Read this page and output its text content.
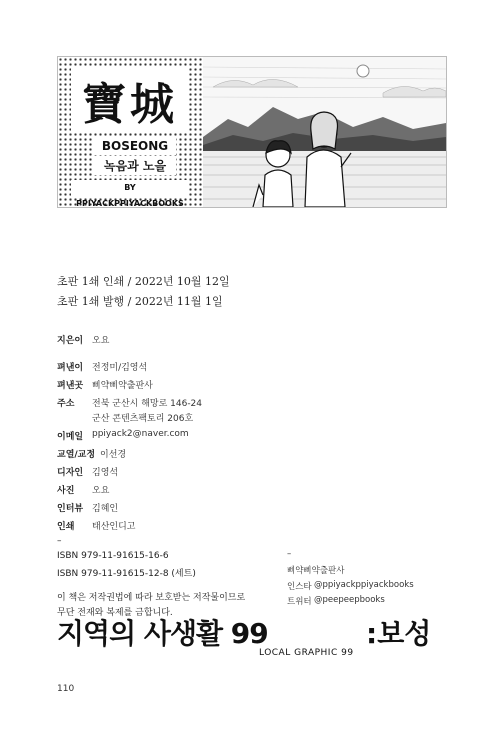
寶城
BOSEONG
녹음과 노을
BY PPIYACKPPIYACKBOOKS
초판 1쇄 인쇄 / 2022년 10월 12일
초판 1쇄 발행 / 2022년 11월 1일
지은이 오요
펴낸이 전정미/김영석
펴낸곳 삐약삐약출판사
주소	전북 군산시 해망로 146-24
군산 콘텐츠팩토리 206호
이메일 ppiyack2@naver.com
교열/교정 이선경
디자인 김영석
사진	오요
인터뷰 김혜인
인쇄	태산인디고
–
ISBN 979-11-91615-16-6
ISBN 979-11-91615-12-8 (세트)
이 책은 저작권법에 따라 보호받는 저작물이므로
무단 전재와 복제를 금합니다.
–
삐약삐약출판사
인스타 @ppiyackppiyackbooks
트위터 @peepeepbooks
지역의 사생활 99
LOCAL GRAPHIC 99
:보성
110
